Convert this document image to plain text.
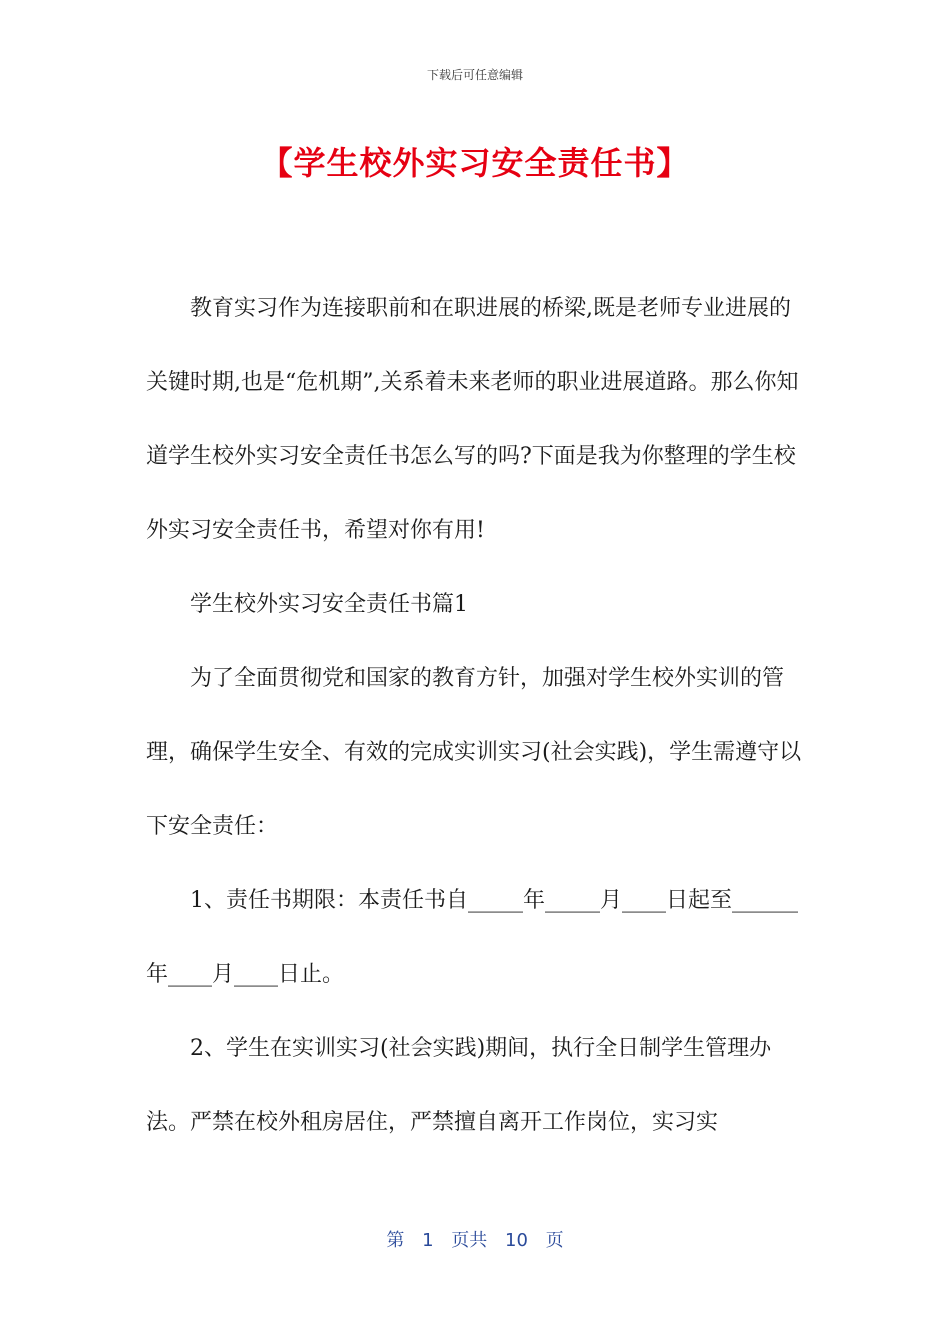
下载后可任意编辑
【学生校外实习安全责任书】

教育实习作为连接职前和在职进展的桥梁,既是老师专业进展的关键时期,也是“危机期”,关系着未来老师的职业进展道路。那么你知道学生校外实习安全责任书怎么写的吗?下面是我为你整理的学生校外实习安全责任书，希望对你有用!

学生校外实习安全责任书篇1

为了全面贯彻党和国家的教育方针，加强对学生校外实训的管理，确保学生安全、有效的完成实训实习(社会实践)，学生需遵守以下安全责任：

1、责任书期限：本责任书自_____年_____月____日起至______年____月____日止。

2、学生在实训实习(社会实践)期间，执行全日制学生管理办法。严禁在校外租房居住，严禁擅自离开工作岗位，实习实

第 1 页共 10 页
